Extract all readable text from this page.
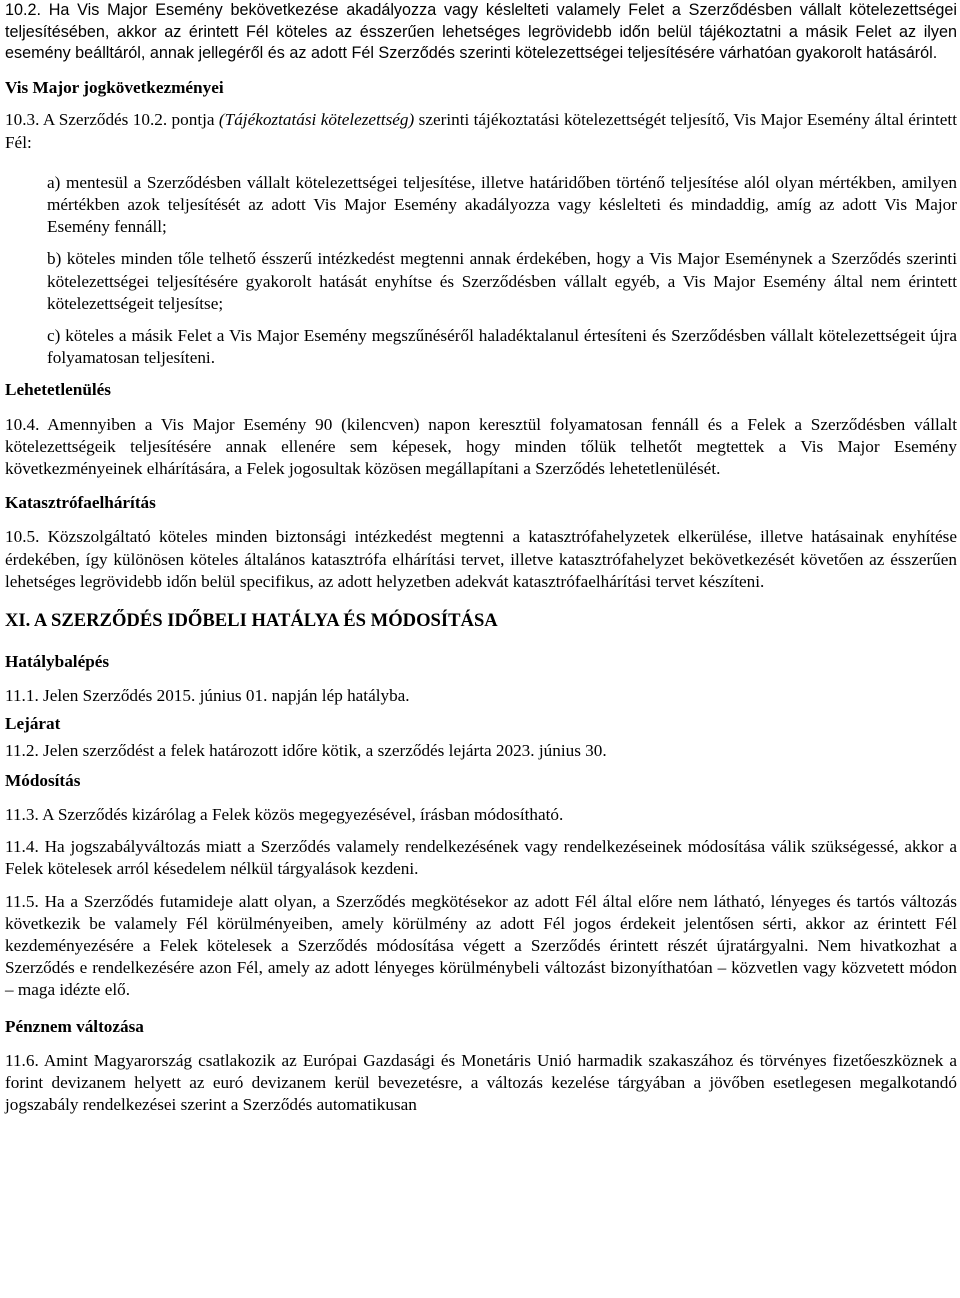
10.2. Ha Vis Major Esemény bekövetkezése akadályozza vagy késlelteti valamely Felet a Szerződésben vállalt kötelezettségei teljesítésében, akkor az érintett Fél köteles az ésszerűen lehetséges legrövidebb időn belül tájékoztatni a másik Felet az ilyen esemény beálltáról, annak jellegéről és az adott Fél Szerződés szerinti kötelezettségei teljesítésére várhatóan gyakorolt hatásáról.

Vis Major jogkövetkezményei

10.3. A Szerződés 10.2. pontja (Tájékoztatási kötelezettség) szerinti tájékoztatási kötelezettségét teljesítő, Vis Major Esemény által érintett Fél:

a) mentesül a Szerződésben vállalt kötelezettségei teljesítése, illetve határidőben történő teljesítése alól olyan mértékben, amilyen mértékben azok teljesítését az adott Vis Major Esemény akadályozza vagy késlelteti és mindaddig, amíg az adott Vis Major Esemény fennáll;

b) köteles minden tőle telhető ésszerű intézkedést megtenni annak érdekében, hogy a Vis Major Eseménynek a Szerződés szerinti kötelezettségei teljesítésére gyakorolt hatását enyhítse és Szerződésben vállalt egyéb, a Vis Major Esemény által nem érintett kötelezettségeit teljesítse;

c) köteles a másik Felet a Vis Major Esemény megszűnéséről haladéktalanul értesíteni és Szerződésben vállalt kötelezettségeit újra folyamatosan teljesíteni.

Lehetetlenülés

10.4. Amennyiben a Vis Major Esemény 90 (kilencven) napon keresztül folyamatosan fennáll és a Felek a Szerződésben vállalt kötelezettségeik teljesítésére annak ellenére sem képesek, hogy minden tőlük telhetőt megtettek a Vis Major Esemény következményeinek elhárítására, a Felek jogosultak közösen megállapítani a Szerződés lehetetlenülését.

Katasztrófaelhárítás

10.5. Közszolgáltató köteles minden biztonsági intézkedést megtenni a katasztrófahelyzetek elkerülése, illetve hatásainak enyhítése érdekében, így különösen köteles általános katasztrófa elhárítási tervet, illetve katasztrófahelyzet bekövetkezését követően az ésszerűen lehetséges legrövidebb időn belül specifikus, az adott helyzetben adekvát katasztrófaelhárítási tervet készíteni.

XI. A SZERZŐDÉS IDŐBELI HATÁLYA ÉS MÓDOSÍTÁSA

Hatálybalépés

11.1. Jelen Szerződés 2015. június 01. napján lép hatályba.

Lejárat

11.2. Jelen szerződést a felek határozott időre kötik, a szerződés lejárta 2023. június 30.

Módosítás

11.3. A Szerződés kizárólag a Felek közös megegyezésével, írásban módosítható.

11.4. Ha jogszabályváltozás miatt a Szerződés valamely rendelkezésének vagy rendelkezéseinek módosítása válik szükségessé, akkor a Felek kötelesek arról késedelem nélkül tárgyalások kezdeni.

11.5. Ha a Szerződés futamideje alatt olyan, a Szerződés megkötésekor az adott Fél által előre nem látható, lényeges és tartós változás következik be valamely Fél körülményeiben, amely körülmény az adott Fél jogos érdekeit jelentősen sérti, akkor az érintett Fél kezdeményezésére a Felek kötelesek a Szerződés módosítása végett a Szerződés érintett részét újratárgyalni. Nem hivatkozhat a Szerződés e rendelkezésére azon Fél, amely az adott lényeges körülménybeli változást bizonyíthatóan – közvetlen vagy közvetett módon – maga idézte elő.

Pénznem változása

11.6. Amint Magyarország csatlakozik az Európai Gazdasági és Monetáris Unió harmadik szakaszához és törvényes fizetőeszköznek a forint devizanem helyett az euró devizanem kerül bevezetésre, a változás kezelése tárgyában a jövőben esetlegesen megalkotandó jogszabály rendelkezései szerint a Szerződés automatikusan
